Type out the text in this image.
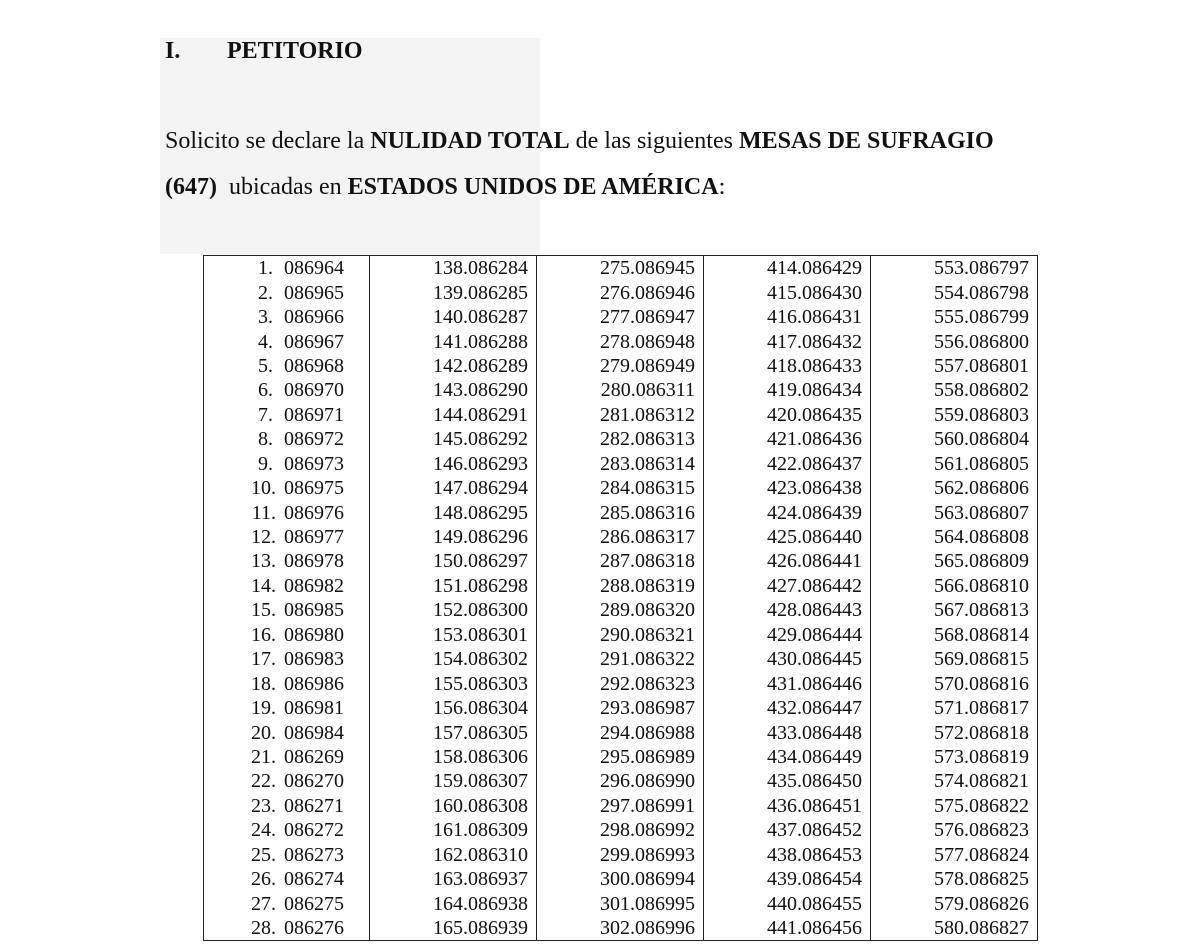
I. PETITORIO
Solicito se declare la NULIDAD TOTAL de las siguientes MESAS DE SUFRAGIO
(647)  ubicadas en ESTADOS UNIDOS DE AMÉRICA:
1. 086964	138.086284	275.086945	414.086429	553.086797
2. 086965	139.086285	276.086946	415.086430	554.086798
3. 086966	140.086287	277.086947	416.086431	555.086799
4. 086967	141.086288	278.086948	417.086432	556.086800
5. 086968	142.086289	279.086949	418.086433	557.086801
6. 086970	143.086290	280.086311	419.086434	558.086802
7. 086971	144.086291	281.086312	420.086435	559.086803
8. 086972	145.086292	282.086313	421.086436	560.086804
9. 086973	146.086293	283.086314	422.086437	561.086805
10. 086975	147.086294	284.086315	423.086438	562.086806
11. 086976	148.086295	285.086316	424.086439	563.086807
12. 086977	149.086296	286.086317	425.086440	564.086808
13. 086978	150.086297	287.086318	426.086441	565.086809
14. 086982	151.086298	288.086319	427.086442	566.086810
15. 086985	152.086300	289.086320	428.086443	567.086813
16. 086980	153.086301	290.086321	429.086444	568.086814
17. 086983	154.086302	291.086322	430.086445	569.086815
18. 086986	155.086303	292.086323	431.086446	570.086816
19. 086981	156.086304	293.086987	432.086447	571.086817
20. 086984	157.086305	294.086988	433.086448	572.086818
21. 086269	158.086306	295.086989	434.086449	573.086819
22. 086270	159.086307	296.086990	435.086450	574.086821
23. 086271	160.086308	297.086991	436.086451	575.086822
24. 086272	161.086309	298.086992	437.086452	576.086823
25. 086273	162.086310	299.086993	438.086453	577.086824
26. 086274	163.086937	300.086994	439.086454	578.086825
27. 086275	164.086938	301.086995	440.086455	579.086826
28. 086276	165.086939	302.086996	441.086456	580.086827
